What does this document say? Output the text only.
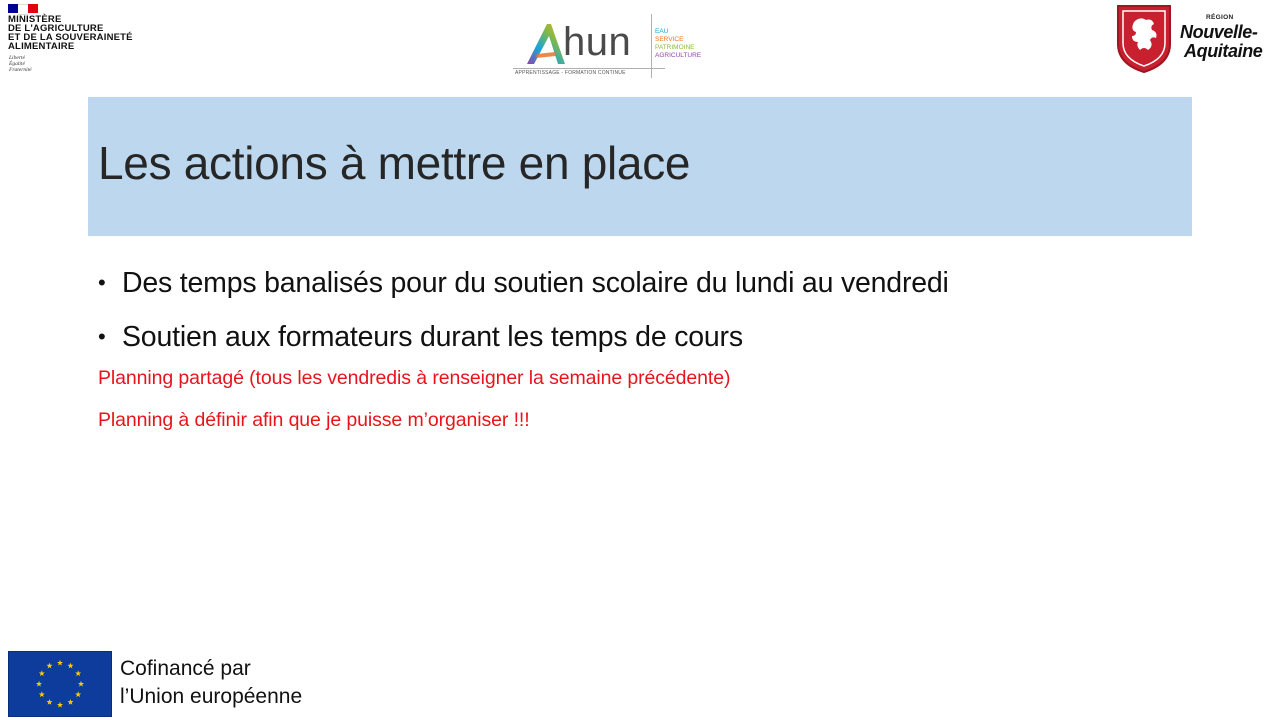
MINISTÈRE
DE L'AGRICULTURE
ET DE LA SOUVERAINETÉ
ALIMENTAIRE
Liberté
Égalité
Fraternité
hun	EAU
SERVICE
PATRIMOINE
AGRICULTURE
APPRENTISSAGE - FORMATION CONTINUE
RÉGION
Nouvelle-
Aquitaine
Les actions à mettre en place
• Des temps banalisés pour du soutien scolaire du lundi au vendredi
• Soutien aux formateurs durant les temps de cours
Planning partagé (tous les vendredis à renseigner la semaine précédente)
Planning à définir afin que je puisse m’organiser !!!
Cofinancé par
l’Union européenne
